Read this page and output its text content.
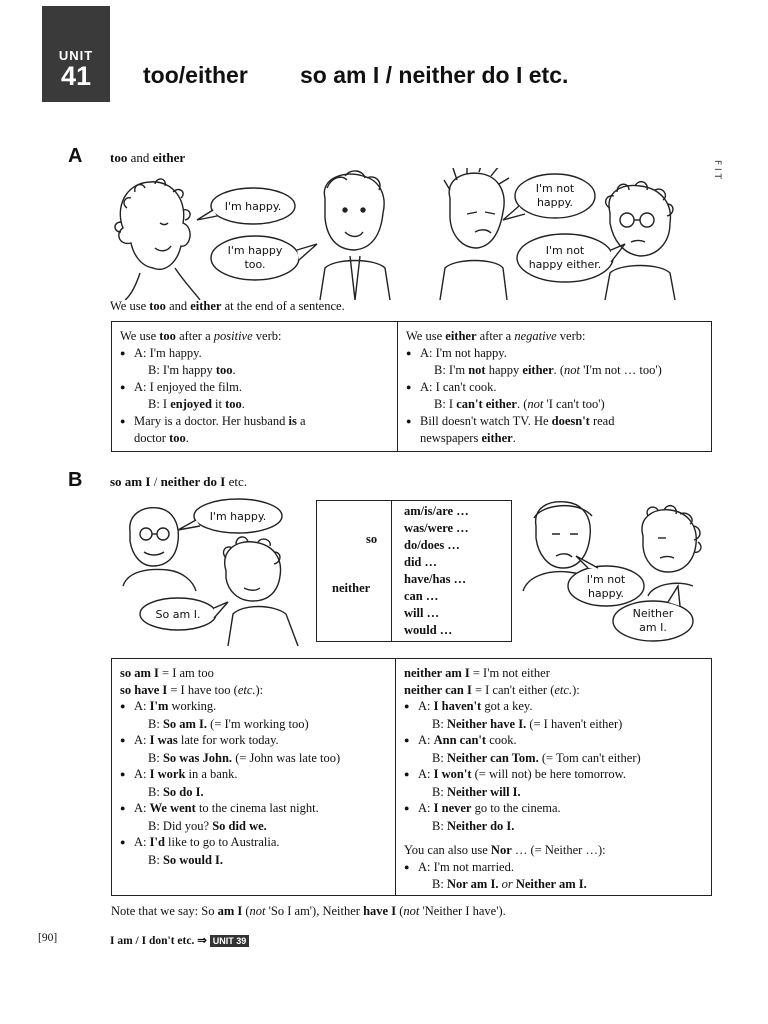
UNIT
41	too/either so am I / neither do I etc.
F I T
A too and either
I'm happy.
I'm happy
too.
I'm not
happy.
I'm not
happy either.
We use too and either at the end of a sentence.
We use too after a positive verb:
●A: I'm happy.
B: I'm happy too.
●A: I enjoyed the film.
B: I enjoyed it too.
●Mary is a doctor. Her husband is a
doctor too.
We use either after a negative verb:
●A: I'm not happy.
B: I'm not happy either. (not 'I'm not … too')
●A: I can't cook.
B: I can't either. (not 'I can't too')
●Bill doesn't watch TV. He doesn't read
newspapers either.
B so am I / neither do I etc.
I'm happy.
So am I.
so
neither
am/is/are …
was/were …
do/does …
did …
have/has …
can …
will …
would …
I'm not
happy.
Neither
am I.
so am I = I am too
so have I = I have too (etc.):
●A: I'm working.
B: So am I. (= I'm working too)
●A: I was late for work today.
B: So was John. (= John was late too)
●A: I work in a bank.
B: So do I.
●A: We went to the cinema last night.
B: Did you? So did we.
●A: I'd like to go to Australia.
B: So would I.
neither am I = I'm not either
neither can I = I can't either (etc.):
●A: I haven't got a key.
B: Neither have I. (= I haven't either)
●A: Ann can't cook.
B: Neither can Tom. (= Tom can't either)
●A: I won't (= will not) be here tomorrow.
B: Neither will I.
●A: I never go to the cinema.
B: Neither do I.
You can also use Nor … (= Neither …):
●A: I'm not married.
B: Nor am I. or Neither am I.
Note that we say: So am I (not 'So I am'), Neither have I (not 'Neither I have').
[90]	I am / I don't etc. ⇒ UNIT 39
